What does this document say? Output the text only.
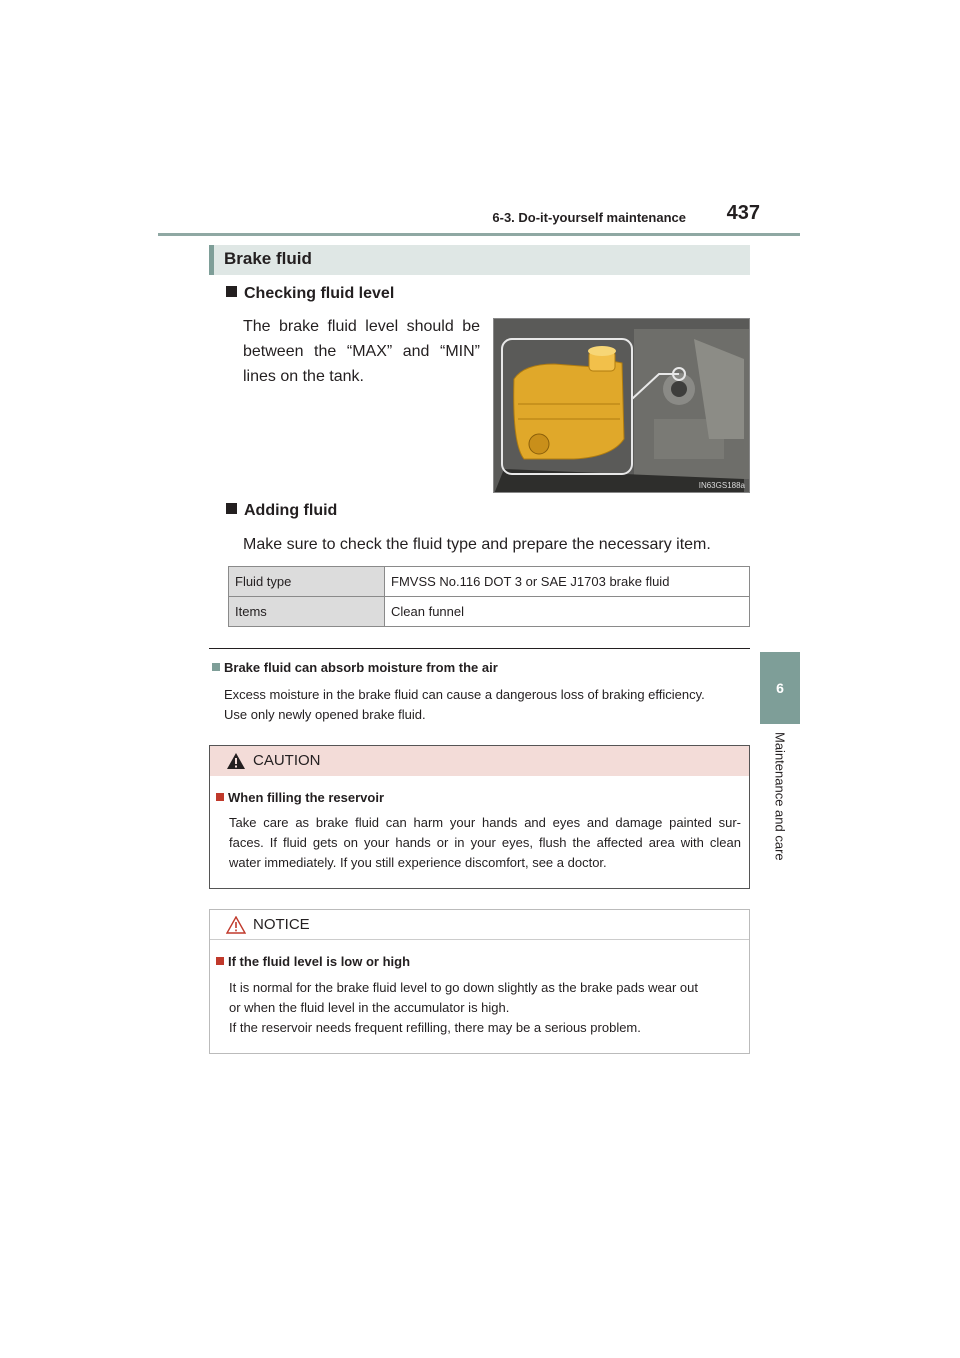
6-3. Do-it-yourself maintenance	437
6
Maintenance and care
Brake fluid
Checking fluid level
The brake fluid level should be
between the “MAX” and “MIN”
lines on the tank.
IN63GS188a
Adding fluid
Make sure to check the fluid type and prepare the necessary item.
Fluid type	FMVSS No.116 DOT 3 or SAE J1703 brake fluid
Items	Clean funnel
Brake fluid can absorb moisture from the air
Excess moisture in the brake fluid can cause a dangerous loss of braking efficiency.
Use only newly opened brake fluid.
CAUTION
When filling the reservoir
Take care as brake fluid can harm your hands and eyes and damage painted sur-
faces. If fluid gets on your hands or in your eyes, flush the affected area with clean
water immediately. If you still experience discomfort, see a doctor.
NOTICE
If the fluid level is low or high
It is normal for the brake fluid level to go down slightly as the brake pads wear out
or when the fluid level in the accumulator is high.
If the reservoir needs frequent refilling, there may be a serious problem.
